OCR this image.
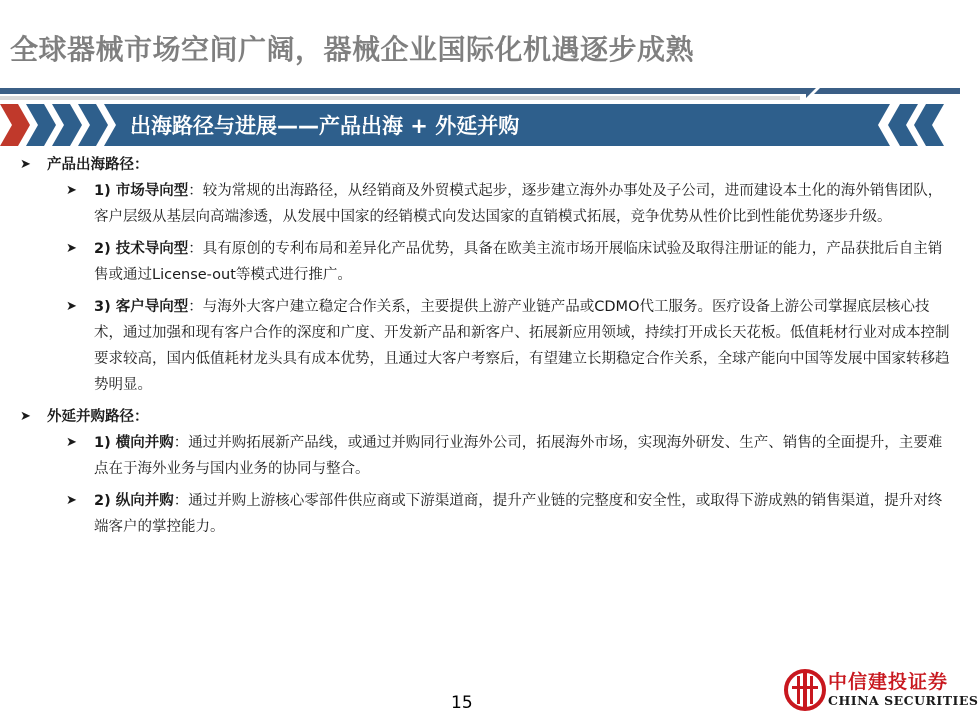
全球器械市场空间广阔，器械企业国际化机遇逐步成熟
出海路径与进展——产品出海 + 外延并购
➤ 产品出海路径：
➤ 1) 市场导向型：较为常规的出海路径，从经销商及外贸模式起步，逐步建立海外办事处及子公司，进而建设本土化的海外销售团队，客户层级从基层向高端渗透，从发展中国家的经销模式向发达国家的直销模式拓展，竞争优势从性价比到性能优势逐步升级。
➤ 2) 技术导向型：具有原创的专利布局和差异化产品优势，具备在欧美主流市场开展临床试验及取得注册证的能力，产品获批后自主销售或通过License-out等模式进行推广。
➤ 3) 客户导向型：与海外大客户建立稳定合作关系，主要提供上游产业链产品或CDMO代工服务。医疗设备上游公司掌握底层核心技术，通过加强和现有客户合作的深度和广度、开发新产品和新客户、拓展新应用领域，持续打开成长天花板。低值耗材行业对成本控制要求较高，国内低值耗材龙头具有成本优势，且通过大客户考察后，有望建立长期稳定合作关系，全球产能向中国等发展中国家转移趋势明显。
➤ 外延并购路径：
➤ 1) 横向并购：通过并购拓展新产品线，或通过并购同行业海外公司，拓展海外市场，实现海外研发、生产、销售的全面提升，主要难点在于海外业务与国内业务的协同与整合。
➤ 2) 纵向并购：通过并购上游核心零部件供应商或下游渠道商，提升产业链的完整度和安全性，或取得下游成熟的销售渠道，提升对终端客户的掌控能力。
15
中信建投证券
CHINA SECURITIES
